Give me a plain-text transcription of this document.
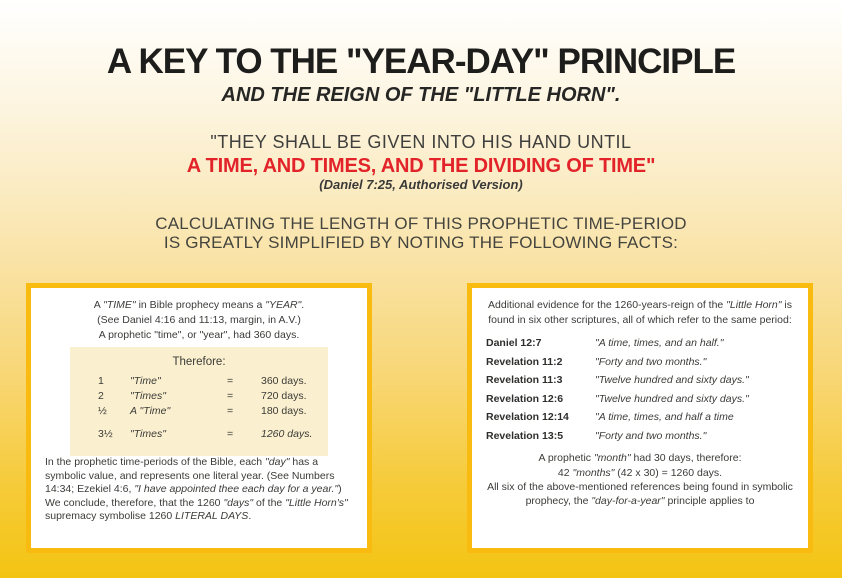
A KEY TO THE "YEAR-DAY" PRINCIPLE
AND THE REIGN OF THE "LITTLE HORN".
"THEY SHALL BE GIVEN INTO HIS HAND UNTIL
A TIME, AND TIMES, AND THE DIVIDING OF TIME"
(Daniel 7:25, Authorised Version)
CALCULATING THE LENGTH OF THIS PROPHETIC TIME-PERIOD
IS GREATLY SIMPLIFIED BY NOTING THE FOLLOWING FACTS:

A "TIME" in Bible prophecy means a "YEAR".

(See Daniel 4:16 and 11:13, margin, in A.V.)

A prophetic "time", or "year", had 360 days.

Therefore:
1	"Time"	=	360 days.
2	"Times"	=	720 days.
½	A "Time"	=	180 days.
3½	"Times"	=	1260 days.

In the prophetic time-periods of the Bible, each "day" has a symbolic value, and represents one literal year. (See Numbers 14:34; Ezekiel 4:6, "I have appointed thee each day for a year.")

We conclude, therefore, that the 1260 "days" of the "Little Horn's" supremacy symbolise 1260 LITERAL DAYS.

Additional evidence for the 1260-years-reign of the "Little Horn" is found in six other scriptures, all of which refer to the same period:

Daniel 12:7	"A time, times, and an half."
Revelation 11:2	"Forty and two months."
Revelation 11:3	"Twelve hundred and sixty days."
Revelation 12:6	"Twelve hundred and sixty days."
Revelation 12:14	"A time, times, and half a time
Revelation 13:5	"Forty and two months."
A prophetic "month" had 30 days, therefore:
42 "months" (42 x 30) = 1260 days.

All six of the above-mentioned references being found in symbolic prophecy, the "day-for-a-year" principle applies to
